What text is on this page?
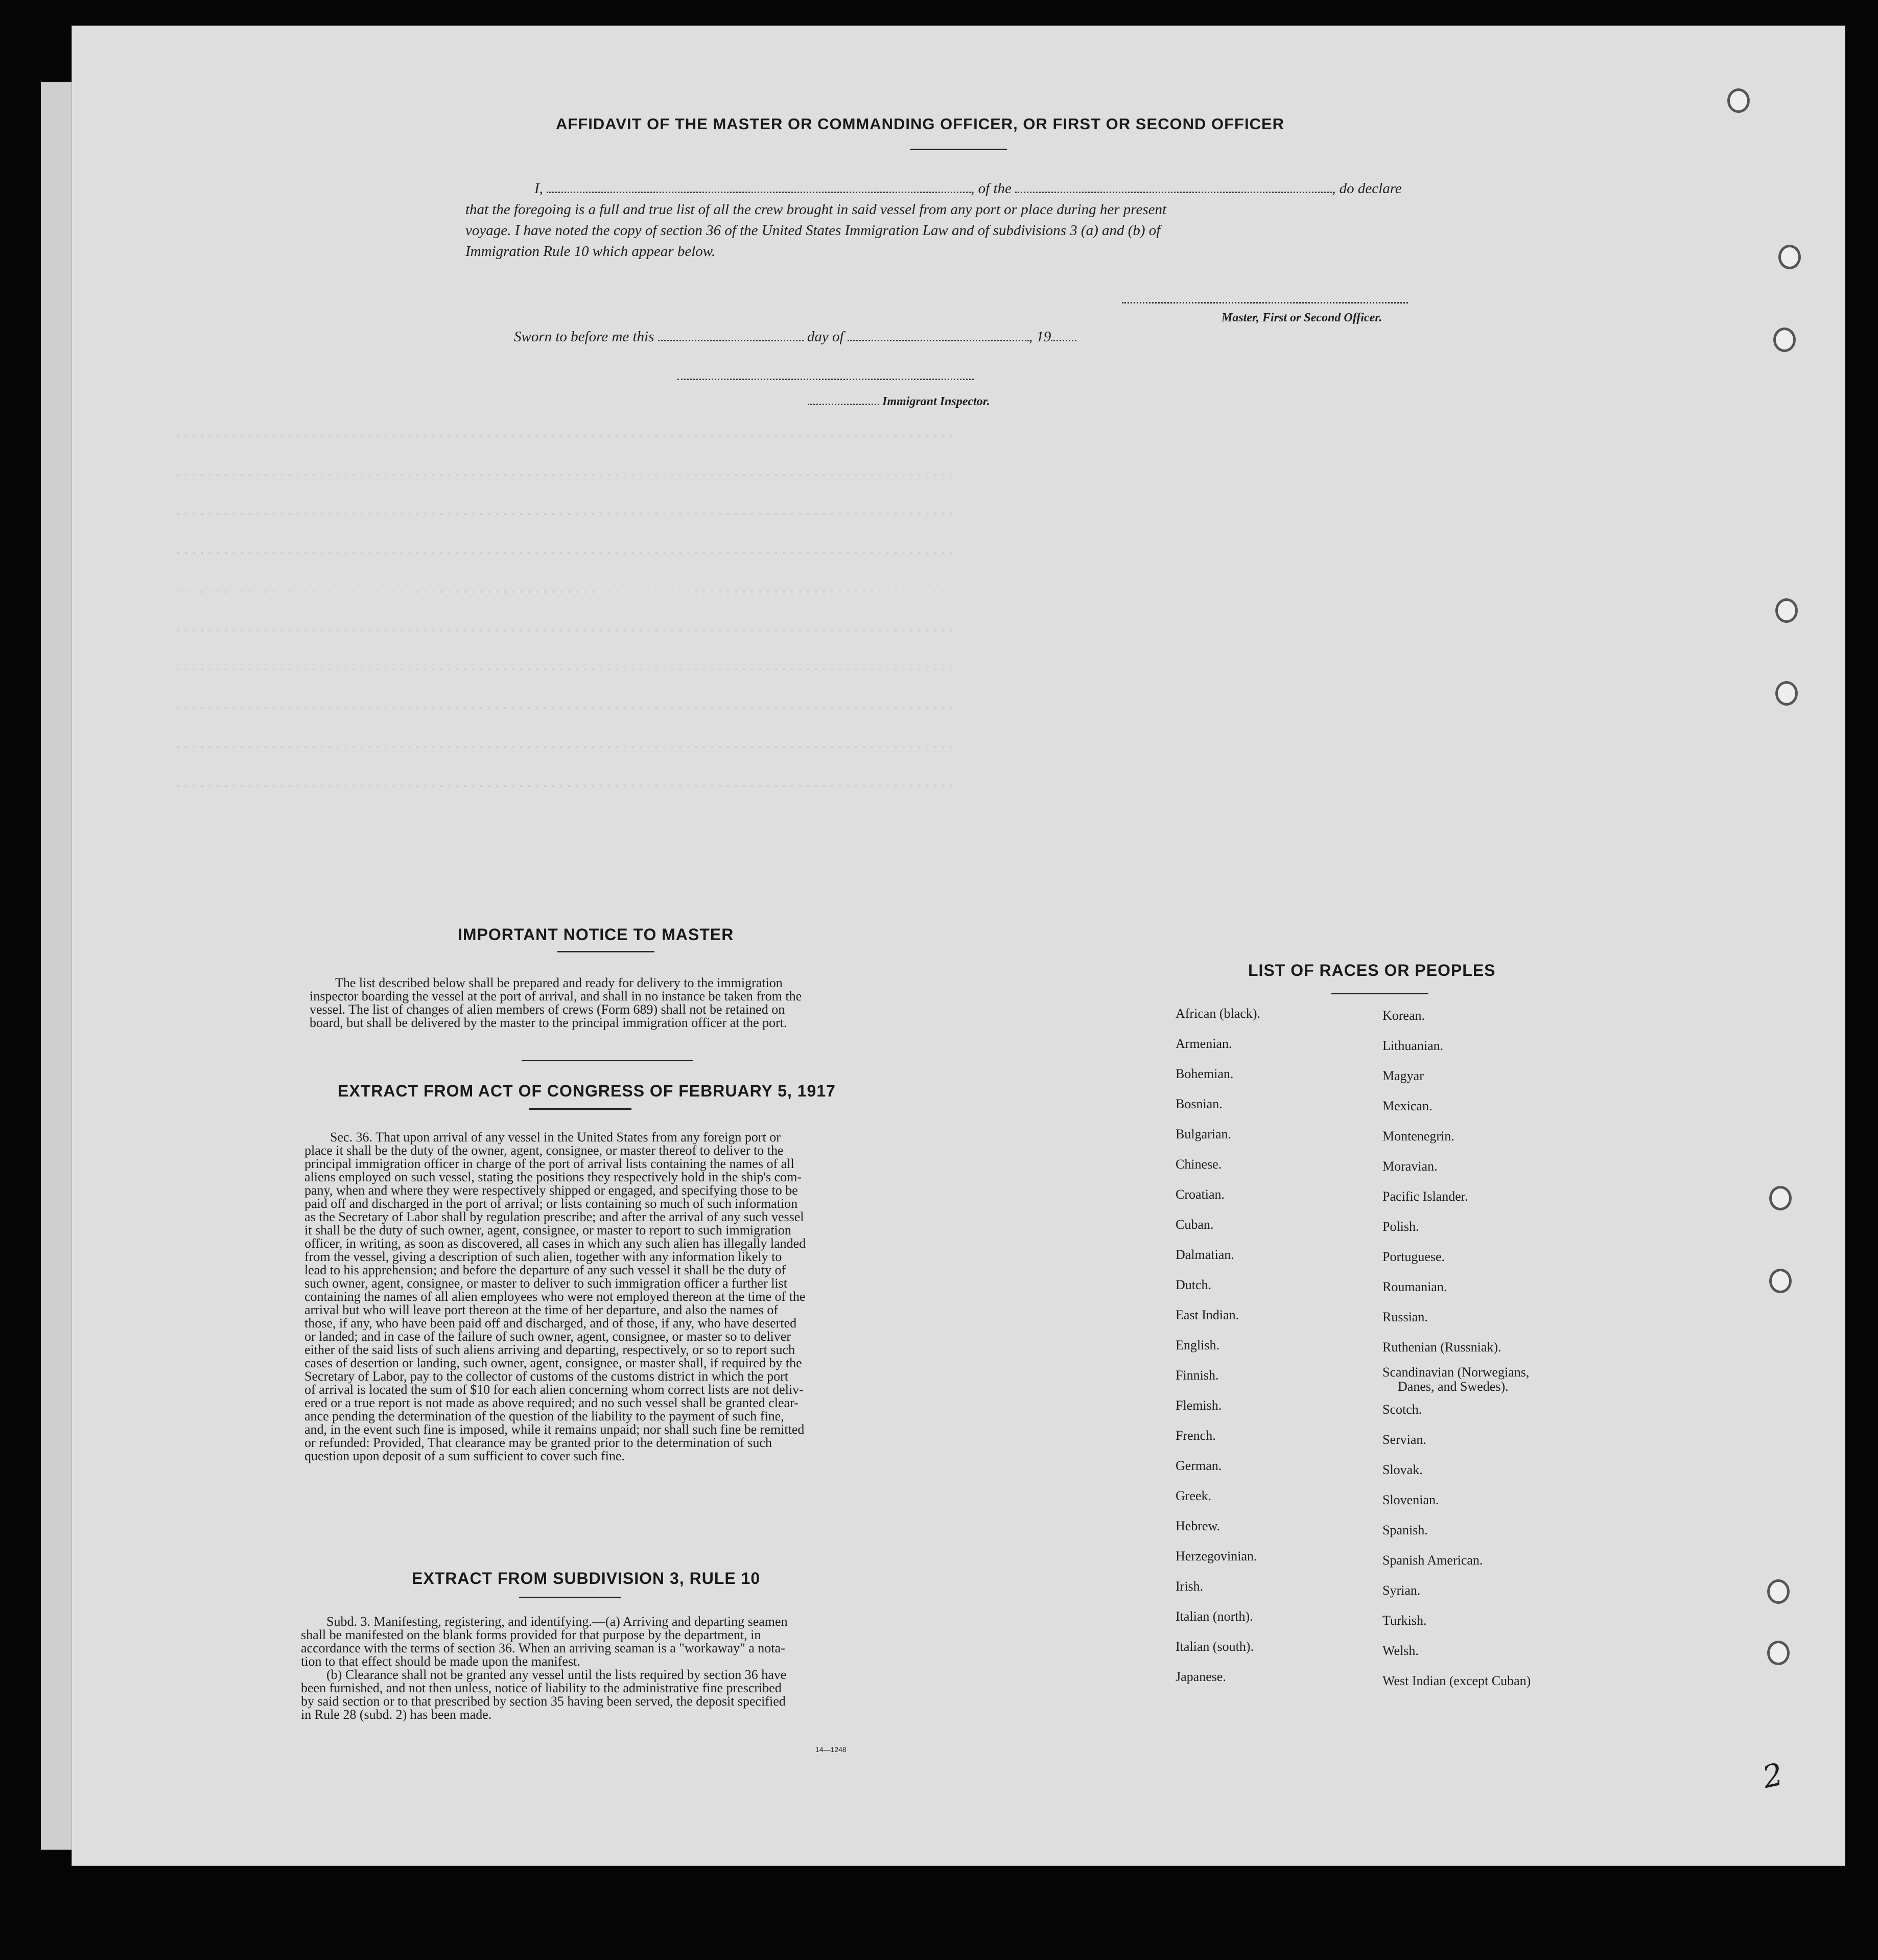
..................................................................................................
..................................................................................................
..................................................................................................
..................................................................................................
..................................................................................................
..................................................................................................
..................................................................................................
..................................................................................................
..................................................................................................
..................................................................................................
AFFIDAVIT OF THE MASTER OR COMMANDING OFFICER, OR FIRST OR SECOND OFFICER
I,	, of the	, do declare
that the foregoing is a full and true list of all the crew brought in said vessel from any port or place during her present
voyage. I have noted the copy of section 36 of the United States Immigration Law and of subdivisions 3 (a) and (b) of
Immigration Rule 10 which appear below.
Master, First or Second Officer.
Sworn to before me this	day of	, 19
Immigrant Inspector.
IMPORTANT NOTICE TO MASTER
The list described below shall be prepared and ready for delivery to the immigration
inspector boarding the vessel at the port of arrival, and shall in no instance be taken from the
vessel. The list of changes of alien members of crews (Form 689) shall not be retained on
board, but shall be delivered by the master to the principal immigration officer at the port.
EXTRACT FROM ACT OF CONGRESS OF FEBRUARY 5, 1917
Sec. 36. That upon arrival of any vessel in the United States from any foreign port or
place it shall be the duty of the owner, agent, consignee, or master thereof to deliver to the
principal immigration officer in charge of the port of arrival lists containing the names of all
aliens employed on such vessel, stating the positions they respectively hold in the ship's com-
pany, when and where they were respectively shipped or engaged, and specifying those to be
paid off and discharged in the port of arrival; or lists containing so much of such information
as the Secretary of Labor shall by regulation prescribe; and after the arrival of any such vessel
it shall be the duty of such owner, agent, consignee, or master to report to such immigration
officer, in writing, as soon as discovered, all cases in which any such alien has illegally landed
from the vessel, giving a description of such alien, together with any information likely to
lead to his apprehension; and before the departure of any such vessel it shall be the duty of
such owner, agent, consignee, or master to deliver to such immigration officer a further list
containing the names of all alien employees who were not employed thereon at the time of the
arrival but who will leave port thereon at the time of her departure, and also the names of
those, if any, who have been paid off and discharged, and of those, if any, who have deserted
or landed; and in case of the failure of such owner, agent, consignee, or master so to deliver
either of the said lists of such aliens arriving and departing, respectively, or so to report such
cases of desertion or landing, such owner, agent, consignee, or master shall, if required by the
Secretary of Labor, pay to the collector of customs of the customs district in which the port
of arrival is located the sum of $10 for each alien concerning whom correct lists are not deliv-
ered or a true report is not made as above required; and no such vessel shall be granted clear-
ance pending the determination of the question of the liability to the payment of such fine,
and, in the event such fine is imposed, while it remains unpaid; nor shall such fine be remitted
or refunded: Provided, That clearance may be granted prior to the determination of such
question upon deposit of a sum sufficient to cover such fine.
EXTRACT FROM SUBDIVISION 3, RULE 10
Subd. 3. Manifesting, registering, and identifying.—(a) Arriving and departing seamen
shall be manifested on the blank forms provided for that purpose by the department, in
accordance with the terms of section 36. When an arriving seaman is a "workaway" a nota-
tion to that effect should be made upon the manifest.
(b) Clearance shall not be granted any vessel until the lists required by section 36 have
been furnished, and not then unless, notice of liability to the administrative fine prescribed
by said section or to that prescribed by section 35 having been served, the deposit specified
in Rule 28 (subd. 2) has been made.
14—1248
LIST OF RACES OR PEOPLES
African (black).
Armenian.
Bohemian.
Bosnian.
Bulgarian.
Chinese.
Croatian.
Cuban.
Dalmatian.
Dutch.
East Indian.
English.
Finnish.
Flemish.
French.
German.
Greek.
Hebrew.
Herzegovinian.
Irish.
Italian (north).
Italian (south).
Japanese.
Korean.
Lithuanian.
Magyar
Mexican.
Montenegrin.
Moravian.
Pacific Islander.
Polish.
Portuguese.
Roumanian.
Russian.
Ruthenian (Russniak).
Scandinavian (Norwegians,
Danes, and Swedes).
Scotch.
Servian.
Slovak.
Slovenian.
Spanish.
Spanish American.
Syrian.
Turkish.
Welsh.
West Indian (except Cuban)
2
